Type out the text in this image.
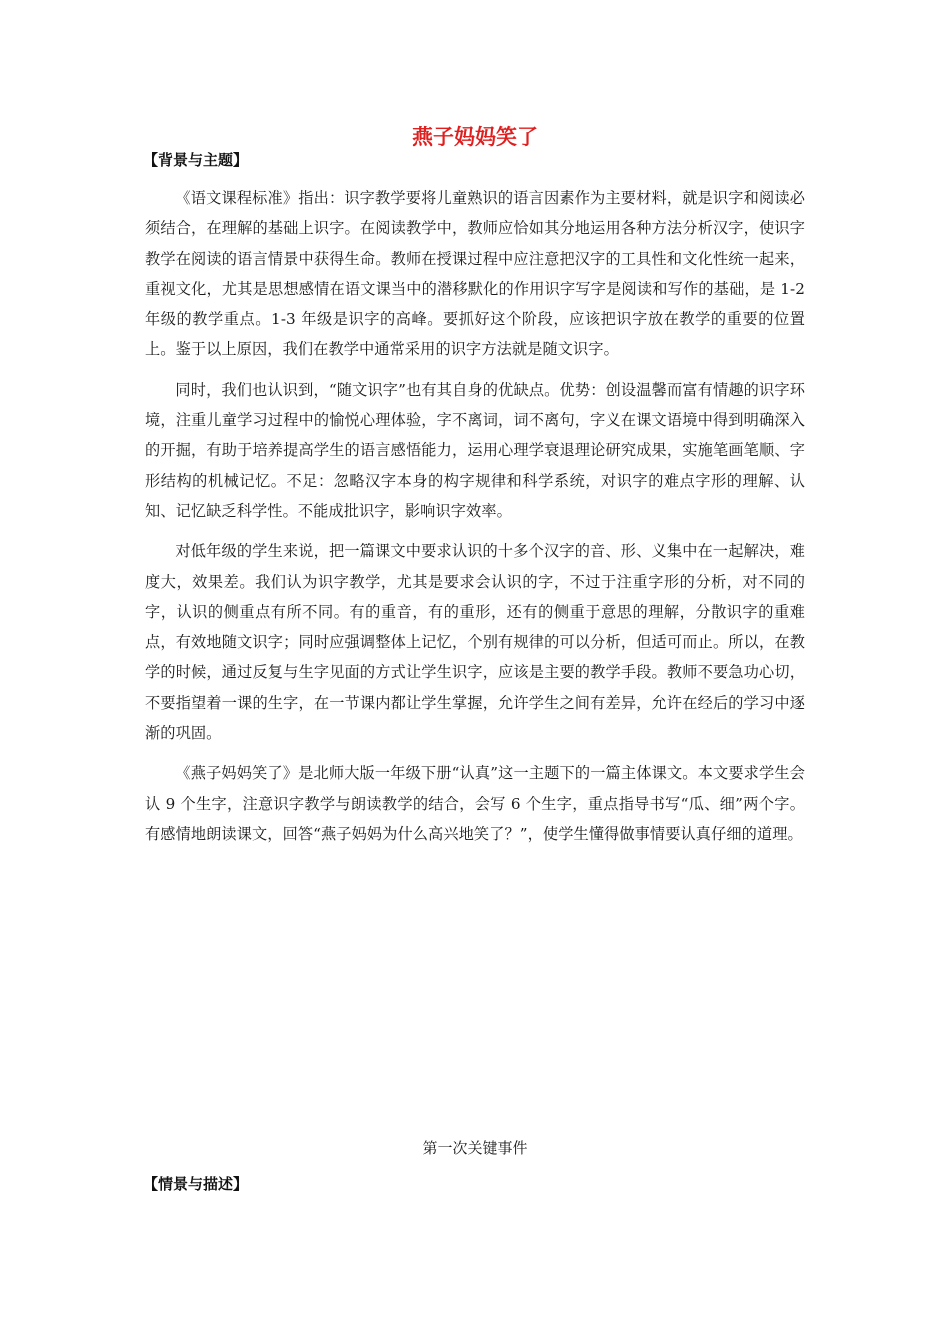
燕子妈妈笑了
【背景与主题】

《语文课程标准》指出：识字教学要将儿童熟识的语言因素作为主要材料，就是识字和阅读必须结合，在理解的基础上识字。在阅读教学中，教师应恰如其分地运用各种方法分析汉字，使识字教学在阅读的语言情景中获得生命。教师在授课过程中应注意把汉字的工具性和文化性统一起来，重视文化，尤其是思想感情在语文课当中的潜移默化的作用识字写字是阅读和写作的基础，是 1-2 年级的教学重点。1-3 年级是识字的高峰。要抓好这个阶段，应该把识字放在教学的重要的位置上。鉴于以上原因，我们在教学中通常采用的识字方法就是随文识字。

同时，我们也认识到，“随文识字”也有其自身的优缺点。优势：创设温馨而富有情趣的识字环境，注重儿童学习过程中的愉悦心理体验，字不离词，词不离句，字义在课文语境中得到明确深入的开掘，有助于培养提高学生的语言感悟能力，运用心理学衰退理论研究成果，实施笔画笔顺、字形结构的机械记忆。不足：忽略汉字本身的构字规律和科学系统，对识字的难点字形的理解、认知、记忆缺乏科学性。不能成批识字，影响识字效率。

对低年级的学生来说，把一篇课文中要求认识的十多个汉字的音、形、义集中在一起解决，难度大，效果差。我们认为识字教学，尤其是要求会认识的字，不过于注重字形的分析，对不同的字，认识的侧重点有所不同。有的重音，有的重形，还有的侧重于意思的理解，分散识字的重难点，有效地随文识字；同时应强调整体上记忆，个别有规律的可以分析，但适可而止。所以，在教学的时候，通过反复与生字见面的方式让学生识字，应该是主要的教学手段。教师不要急功心切，不要指望着一课的生字，在一节课内都让学生掌握，允许学生之间有差异，允许在经后的学习中逐渐的巩固。

《燕子妈妈笑了》是北师大版一年级下册“认真”这一主题下的一篇主体课文。本文要求学生会认 9 个生字，注意识字教学与朗读教学的结合，会写 6 个生字，重点指导书写“瓜、细”两个字。有感情地朗读课文，回答“燕子妈妈为什么高兴地笑了？”，使学生懂得做事情要认真仔细的道理。

第一次关键事件
【情景与描述】
